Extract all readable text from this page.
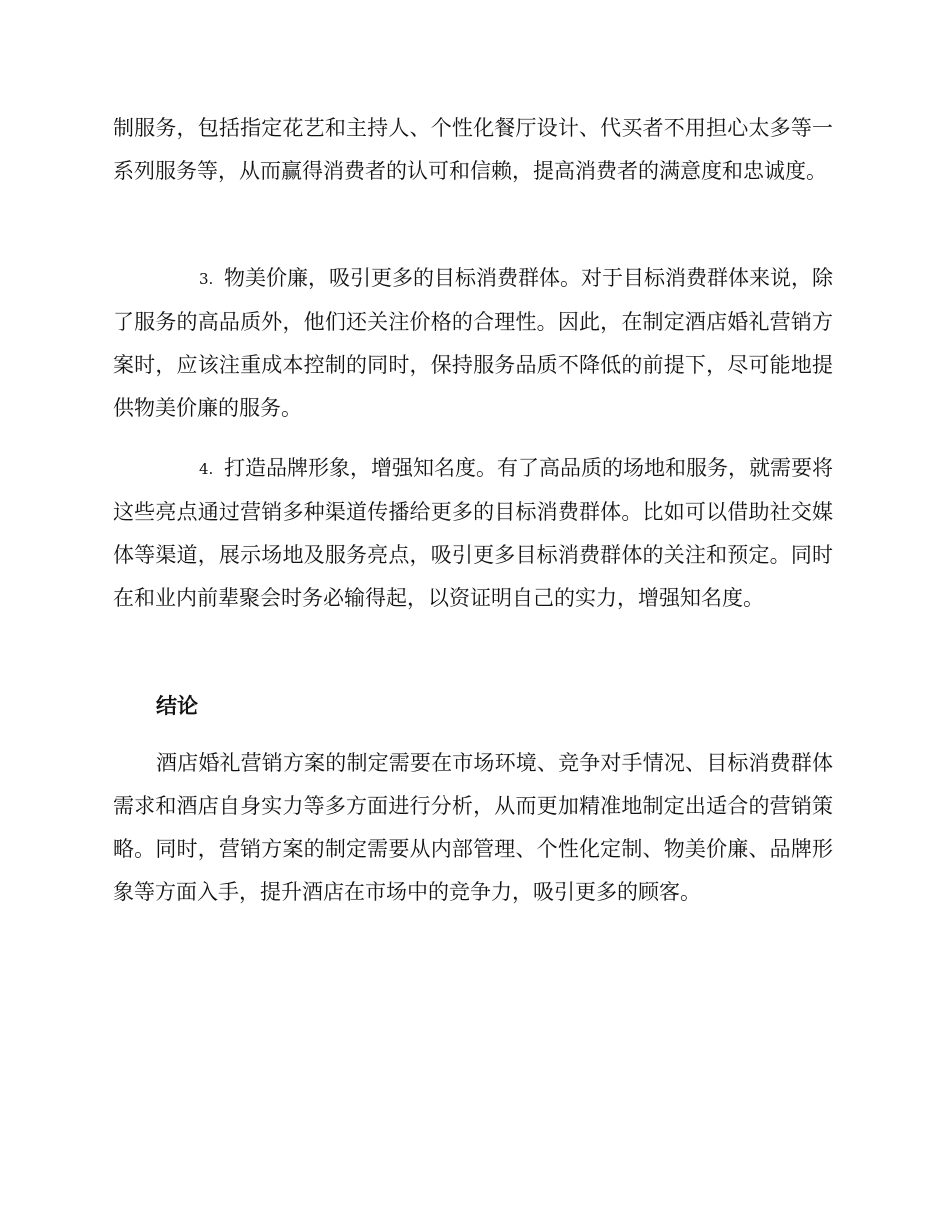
制服务，包括指定花艺和主持人、个性化餐厅设计、代买者不用担心太多等一系列服务等，从而赢得消费者的认可和信赖，提高消费者的满意度和忠诚度。

3. 物美价廉，吸引更多的目标消费群体。对于目标消费群体来说，除了服务的高品质外，他们还关注价格的合理性。因此，在制定酒店婚礼营销方案时，应该注重成本控制的同时，保持服务品质不降低的前提下，尽可能地提供物美价廉的服务。

4. 打造品牌形象，增强知名度。有了高品质的场地和服务，就需要将这些亮点通过营销多种渠道传播给更多的目标消费群体。比如可以借助社交媒体等渠道，展示场地及服务亮点，吸引更多目标消费群体的关注和预定。同时在和业内前辈聚会时务必输得起，以资证明自己的实力，增强知名度。

结论

酒店婚礼营销方案的制定需要在市场环境、竞争对手情况、目标消费群体需求和酒店自身实力等多方面进行分析，从而更加精准地制定出适合的营销策略。同时，营销方案的制定需要从内部管理、个性化定制、物美价廉、品牌形象等方面入手，提升酒店在市场中的竞争力，吸引更多的顾客。
